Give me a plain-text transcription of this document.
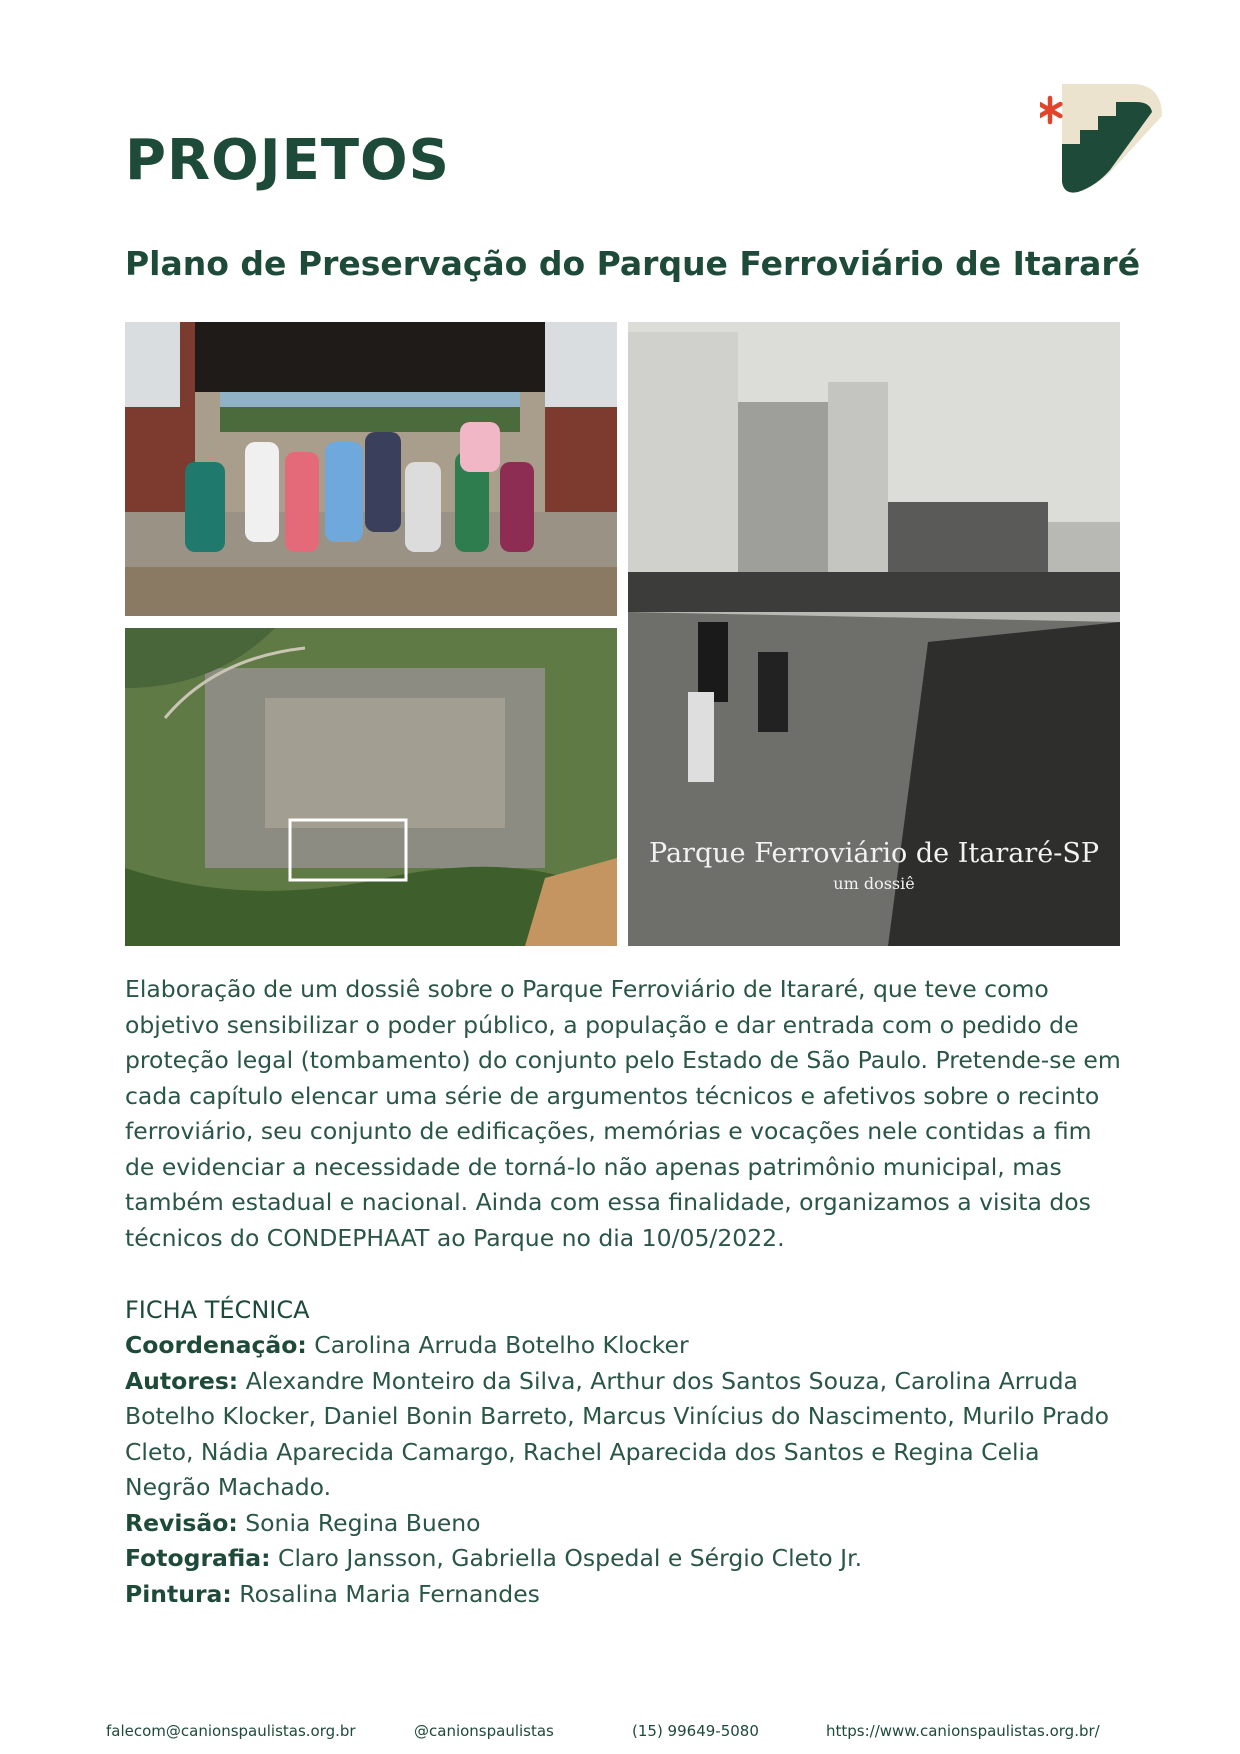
PROJETOS
Plano de Preservação do Parque Ferroviário de Itararé
Parque Ferroviário de Itararé-SP
um dossiê

Elaboração de um dossiê sobre o Parque Ferroviário de Itararé, que teve como objetivo sensibilizar o poder público, a população e dar entrada com o pedido de proteção legal (tombamento) do conjunto pelo Estado de São Paulo. Pretende-se em cada capítulo elencar uma série de argumentos técnicos e afetivos sobre o recinto ferroviário, seu conjunto de edificações, memórias e vocações nele contidas a fim de evidenciar a necessidade de torná-lo não apenas patrimônio municipal, mas também estadual e nacional. Ainda com essa finalidade, organizamos a visita dos técnicos do CONDEPHAAT ao Parque no dia 10/05/2022.

FICHA TÉCNICA

Coordenação: Carolina Arruda Botelho Klocker

Autores: Alexandre Monteiro da Silva, Arthur dos Santos Souza, Carolina Arruda Botelho Klocker, Daniel Bonin Barreto, Marcus Vinícius do Nascimento, Murilo Prado Cleto, Nádia Aparecida Camargo, Rachel Aparecida dos Santos e Regina Celia Negrão Machado.

Revisão: Sonia Regina Bueno

Fotografia: Claro Jansson, Gabriella Ospedal e Sérgio Cleto Jr.

Pintura: Rosalina Maria Fernandes

falecom@canionspaulistas.org.br	@canionspaulistas	(15) 99649-5080	https://www.canionspaulistas.org.br/
